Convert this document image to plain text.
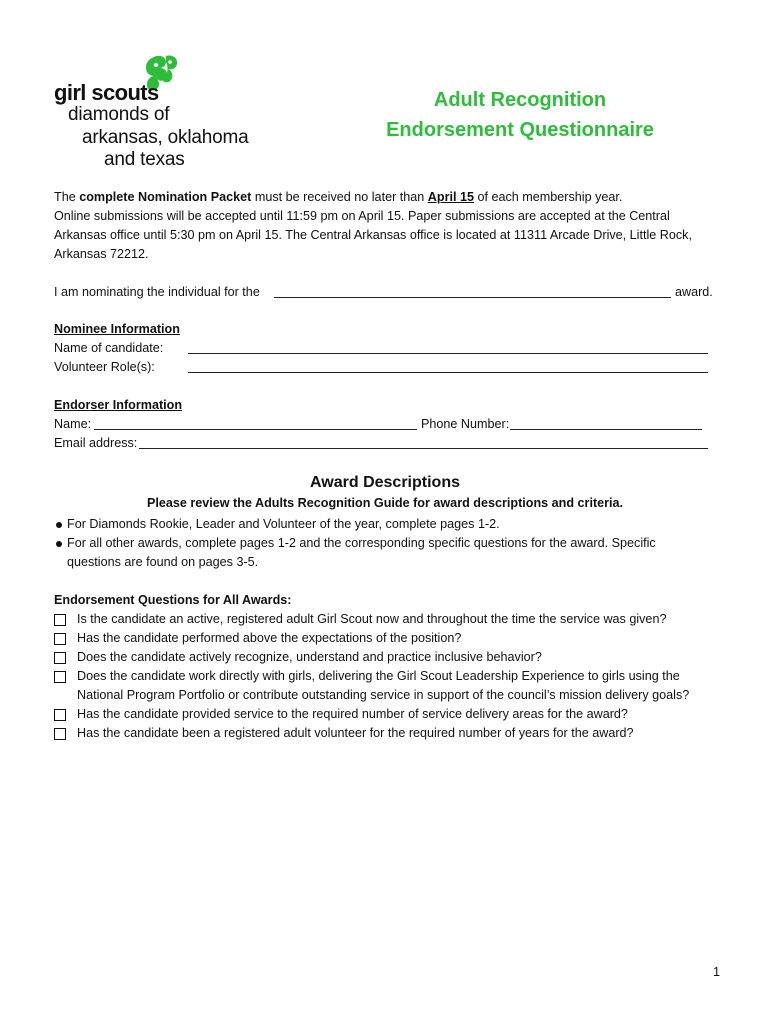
girl scouts
diamonds of
arkansas, oklahoma
and texas
Adult Recognition
Endorsement Questionnaire
The complete Nomination Packet must be received no later than April 15 of each membership year.
Online submissions will be accepted until 11:59 pm on April 15. Paper submissions are accepted at the Central
Arkansas office until 5:30 pm on April 15. The Central Arkansas office is located at 11311 Arcade Drive, Little Rock,
Arkansas 72212.
I am nominating the individual for the	award.
Nominee Information
Name of candidate:
Volunteer Role(s):
Endorser Information
Name:	Phone Number:
Email address:
Award Descriptions
Please review the Adults Recognition Guide for award descriptions and criteria.
For Diamonds Rookie, Leader and Volunteer of the year, complete pages 1-2.
For all other awards, complete pages 1-2 and the corresponding specific questions for the award. Specific
questions are found on pages 3-5.
Endorsement Questions for All Awards:
Is the candidate an active, registered adult Girl Scout now and throughout the time the service was given?
Has the candidate performed above the expectations of the position?
Does the candidate actively recognize, understand and practice inclusive behavior?
Does the candidate work directly with girls, delivering the Girl Scout Leadership Experience to girls using the
National Program Portfolio or contribute outstanding service in support of the council’s mission delivery goals?
Has the candidate provided service to the required number of service delivery areas for the award?
Has the candidate been a registered adult volunteer for the required number of years for the award?
1
